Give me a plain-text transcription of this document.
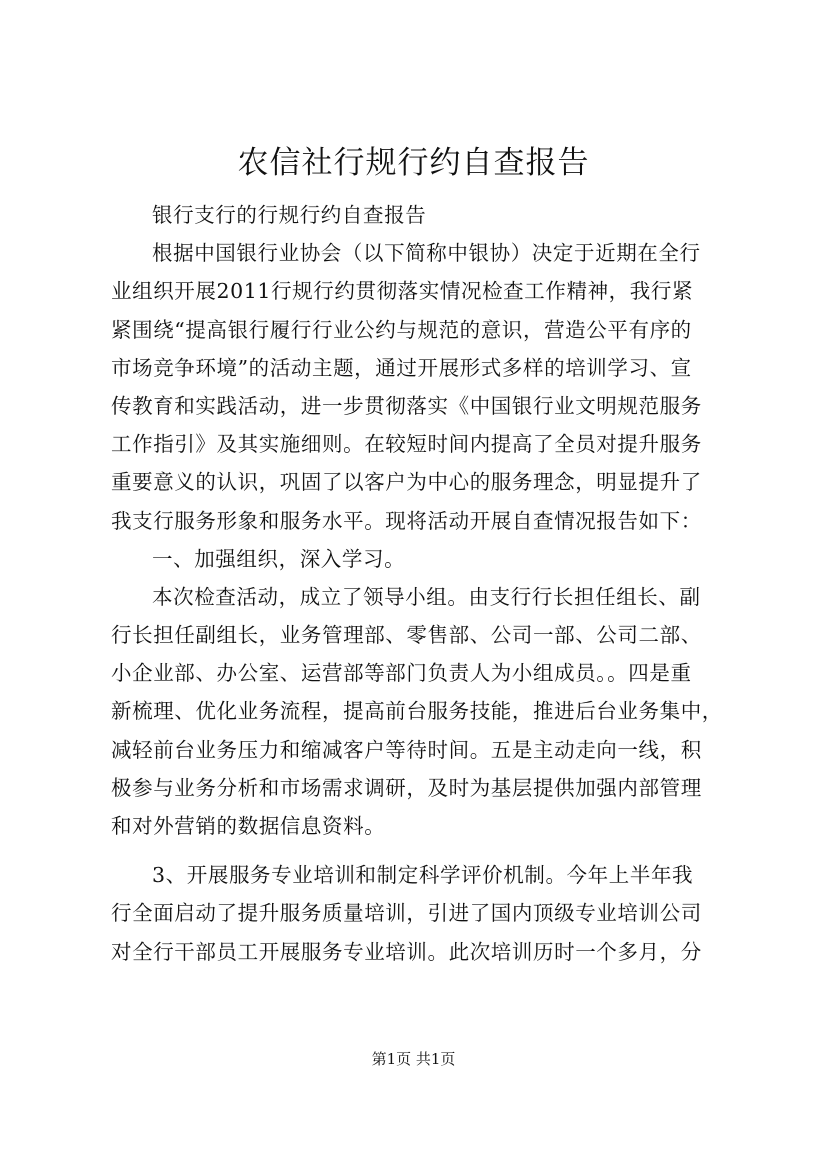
农信社行规行约自查报告
银行支行的行规行约自查报告
根据中国银行业协会（以下简称中银协）决定于近期在全行
业组织开展2011行规行约贯彻落实情况检查工作精神，我行紧
紧围绕“提高银行履行行业公约与规范的意识，营造公平有序的
市场竞争环境”的活动主题，通过开展形式多样的培训学习、宣
传教育和实践活动，进一步贯彻落实《中国银行业文明规范服务
工作指引》及其实施细则。在较短时间内提高了全员对提升服务
重要意义的认识，巩固了以客户为中心的服务理念，明显提升了
我支行服务形象和服务水平。现将活动开展自查情况报告如下：
一、加强组织，深入学习。
本次检查活动，成立了领导小组。由支行行长担任组长、副
行长担任副组长，业务管理部、零售部、公司一部、公司二部、
小企业部、办公室、运营部等部门负责人为小组成员。。四是重
新梳理、优化业务流程，提高前台服务技能，推进后台业务集中，
减轻前台业务压力和缩减客户等待时间。五是主动走向一线，积
极参与业务分析和市场需求调研，及时为基层提供加强内部管理
和对外营销的数据信息资料。
3、开展服务专业培训和制定科学评价机制。今年上半年我
行全面启动了提升服务质量培训，引进了国内顶级专业培训公司
对全行干部员工开展服务专业培训。此次培训历时一个多月，分
第1页 共1页
